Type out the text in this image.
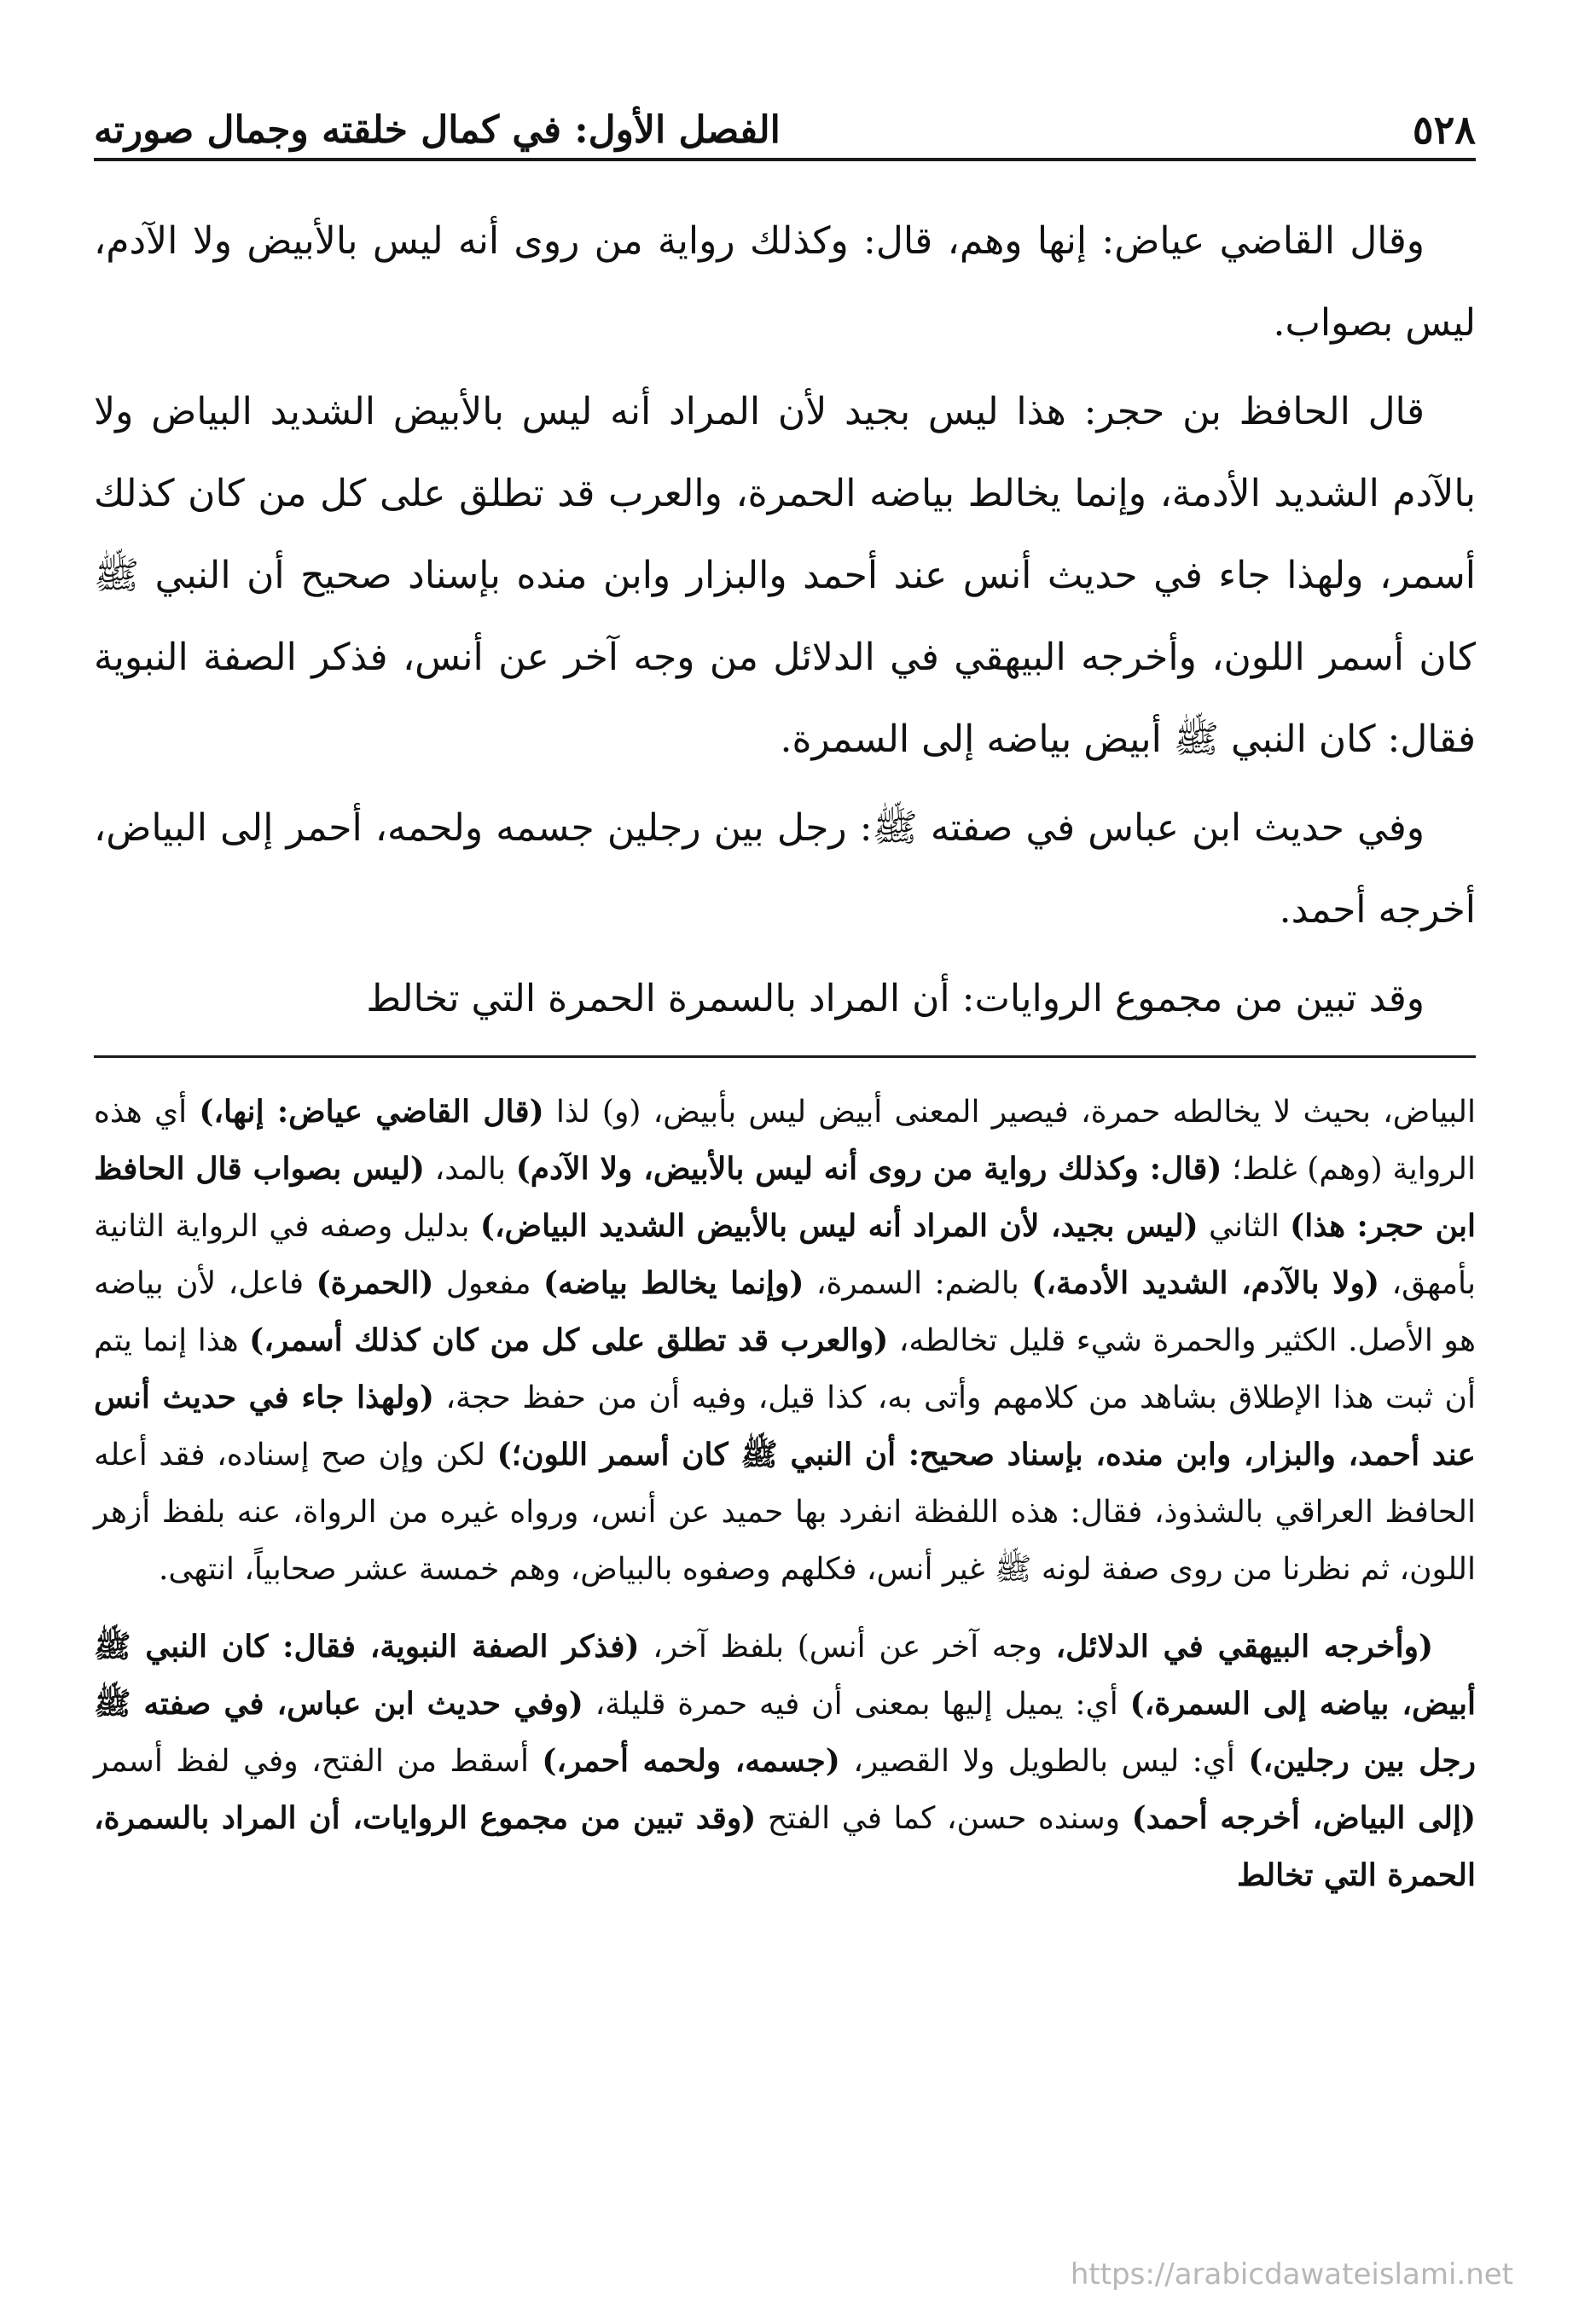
٥٢٨
الفصل الأول: في كمال خلقته وجمال صورته

وقال القاضي عياض: إنها وهم، قال: وكذلك رواية من روى أنه ليس بالأبيض ولا الآدم، ليس بصواب.

قال الحافظ بن حجر: هذا ليس بجيد لأن المراد أنه ليس بالأبيض الشديد البياض ولا بالآدم الشديد الأدمة، وإنما يخالط بياضه الحمرة، والعرب قد تطلق على كل من كان كذلك أسمر، ولهذا جاء في حديث أنس عند أحمد والبزار وابن منده بإسناد صحيح أن النبي ﷺ كان أسمر اللون، وأخرجه البيهقي في الدلائل من وجه آخر عن أنس، فذكر الصفة النبوية فقال: كان النبي ﷺ أبيض بياضه إلى السمرة.

وفي حديث ابن عباس في صفته ﷺ: رجل بين رجلين جسمه ولحمه، أحمر إلى البياض، أخرجه أحمد.

وقد تبين من مجموع الروايات: أن المراد بالسمرة الحمرة التي تخالط

البياض، بحيث لا يخالطه حمرة، فيصير المعنى أبيض ليس بأبيض، (و) لذا (قال القاضي عياض: إنها،) أي هذه الرواية (وهم) غلط؛ (قال: وكذلك رواية من روى أنه ليس بالأبيض، ولا الآدم) بالمد، (ليس بصواب قال الحافظ ابن حجر: هذا) الثاني (ليس بجيد، لأن المراد أنه ليس بالأبيض الشديد البياض،) بدليل وصفه في الرواية الثانية بأمهق، (ولا بالآدم، الشديد الأدمة،) بالضم: السمرة، (وإنما يخالط بياضه) مفعول (الحمرة) فاعل، لأن بياضه هو الأصل. الكثير والحمرة شيء قليل تخالطه، (والعرب قد تطلق على كل من كان كذلك أسمر،) هذا إنما يتم أن ثبت هذا الإطلاق بشاهد من كلامهم وأتى به، كذا قيل، وفيه أن من حفظ حجة، (ولهذا جاء في حديث أنس عند أحمد، والبزار، وابن منده، بإسناد صحيح: أن النبي ﷺ كان أسمر اللون؛) لكن وإن صح إسناده، فقد أعله الحافظ العراقي بالشذوذ، فقال: هذه اللفظة انفرد بها حميد عن أنس، ورواه غيره من الرواة، عنه بلفظ أزهر اللون، ثم نظرنا من روى صفة لونه ﷺ غير أنس، فكلهم وصفوه بالبياض، وهم خمسة عشر صحابياً، انتهى.

(وأخرجه البيهقي في الدلائل، وجه آخر عن أنس) بلفظ آخر، (فذكر الصفة النبوية، فقال: كان النبي ﷺ أبيض، بياضه إلى السمرة،) أي: يميل إليها بمعنى أن فيه حمرة قليلة، (وفي حديث ابن عباس، في صفته ﷺ رجل بين رجلين،) أي: ليس بالطويل ولا القصير، (جسمه، ولحمه أحمر،) أسقط من الفتح، وفي لفظ أسمر (إلى البياض، أخرجه أحمد) وسنده حسن، كما في الفتح (وقد تبين من مجموع الروايات، أن المراد بالسمرة، الحمرة التي تخالط

https://arabicdawateislami.net
